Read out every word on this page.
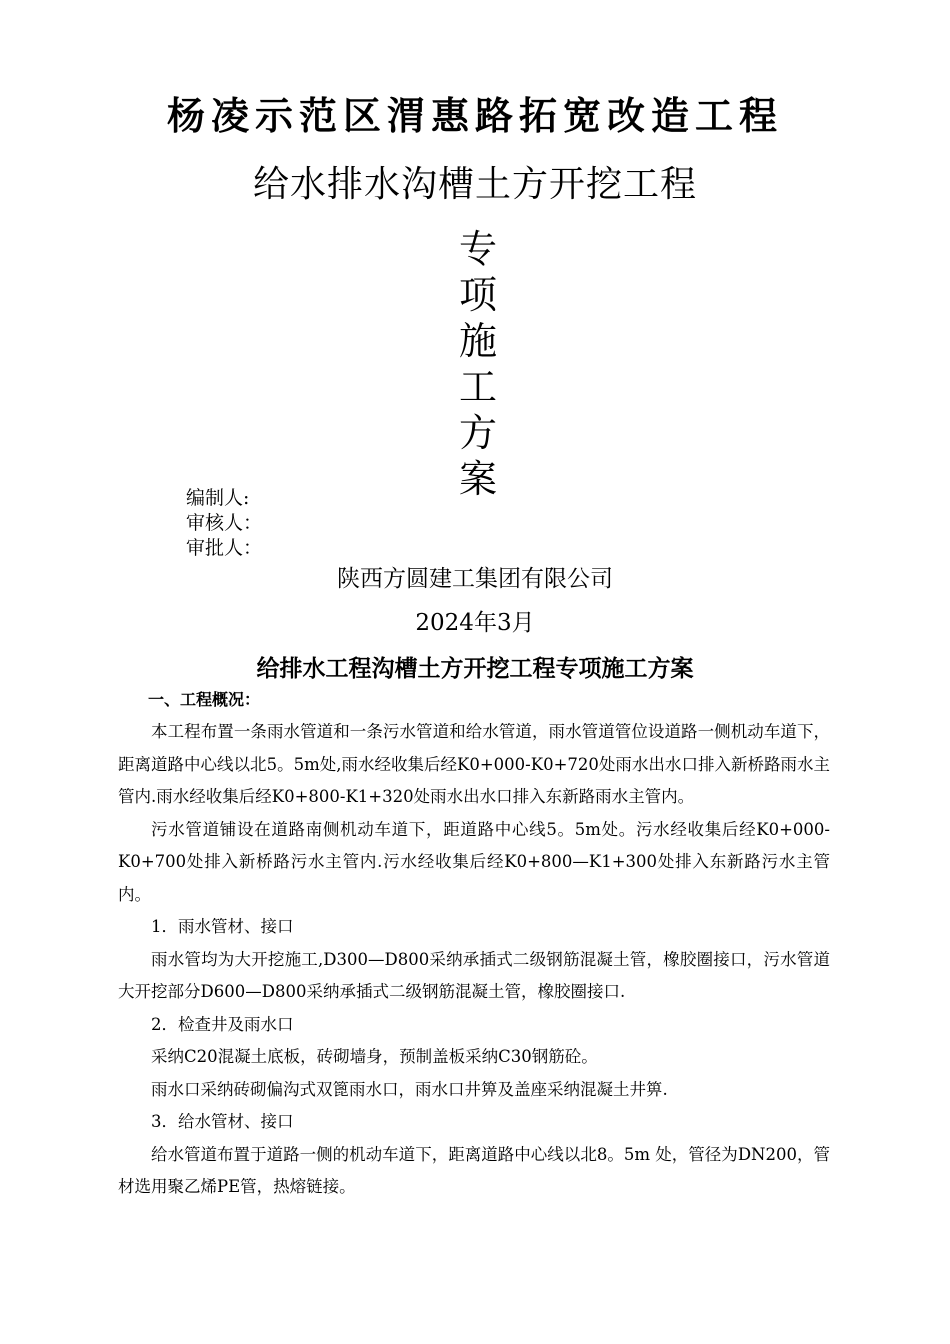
杨凌示范区渭惠路拓宽改造工程
给水排水沟槽土方开挖工程
专
项
施
工
方
案
编制人:
审核人：
审批人：
陕西方圆建工集团有限公司
2024年3月
给排水工程沟槽土方开挖工程专项施工方案
一、工程概况：

本工程布置一条雨水管道和一条污水管道和给水管道，雨水管道管位设道路一侧机动车道下，距离道路中心线以北5。5m处,雨水经收集后经K0+000-K0+720处雨水出水口排入新桥路雨水主管内.雨水经收集后经K0+800-K1+320处雨水出水口排入东新路雨水主管内。

污水管道铺设在道路南侧机动车道下，距道路中心线5。5m处。污水经收集后经K0+000-K0+700处排入新桥路污水主管内.污水经收集后经K0+800—K1+300处排入东新路污水主管内。

1．雨水管材、接口

雨水管均为大开挖施工,D300—D800采纳承插式二级钢筋混凝土管，橡胶圈接口，污水管道大开挖部分D600—D800采纳承插式二级钢筋混凝土管，橡胶圈接口.

2．检查井及雨水口

采纳C20混凝土底板，砖砌墙身，预制盖板采纳C30钢筋砼。

雨水口采纳砖砌偏沟式双篦雨水口，雨水口井箅及盖座采纳混凝土井箅.

3．给水管材、接口

给水管道布置于道路一侧的机动车道下，距离道路中心线以北8。5m 处，管径为DN200，管材选用聚乙烯PE管，热熔链接。
